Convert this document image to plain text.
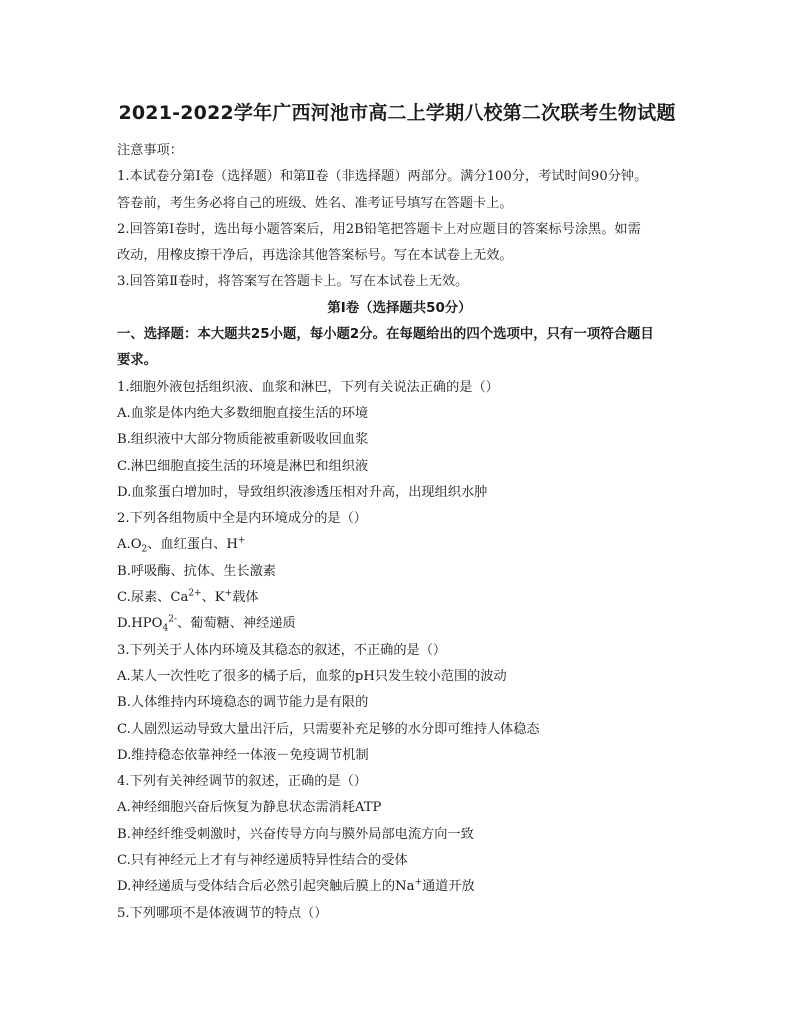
2021-2022学年广西河池市高二上学期八校第二次联考生物试题
注意事项：
1.本试卷分第Ⅰ卷（选择题）和第Ⅱ卷（非选择题）两部分。满分100分，考试时间90分钟。
答卷前，考生务必将自己的班级、姓名、准考证号填写在答题卡上。
2.回答第Ⅰ卷时，选出每小题答案后，用2B铅笔把答题卡上对应题目的答案标号涂黑。如需
改动，用橡皮擦干净后，再选涂其他答案标号。写在本试卷上无效。
3.回答第Ⅱ卷时，将答案写在答题卡上。写在本试卷上无效。
第Ⅰ卷（选择题共50分）
一、选择题：本大题共25小题，每小题2分。在每题给出的四个选项中，只有一项符合题目
要求。
1.细胞外液包括组织液、血浆和淋巴，下列有关说法正确的是（）
A.血浆是体内绝大多数细胞直接生活的环境
B.组织液中大部分物质能被重新吸收回血浆
C.淋巴细胞直接生活的环境是淋巴和组织液
D.血浆蛋白增加时，导致组织液渗透压相对升高，出现组织水肿
2.下列各组物质中全是内环境成分的是（）
$A.O_2$、血红蛋白、H+
B.呼吸酶、抗体、生长激素
C.尿素、$Ca^{2+}$、K+载体
$D.HPO_4^{2-}$、葡萄糖、神经递质
3.下列关于人体内环境及其稳态的叙述，不正确的是（）
A.某人一次性吃了很多的橘子后，血浆的pH只发生较小范围的波动
B.人体维持内环境稳态的调节能力是有限的
C.人剧烈运动导致大量出汗后，只需要补充足够的水分即可维持人体稳态
D.维持稳态依靠神经一体液－免疫调节机制
4.下列有关神经调节的叙述，正确的是（）
A.神经细胞兴奋后恢复为静息状态需消耗ATP
B.神经纤维受刺激时，兴奋传导方向与膜外局部电流方向一致
C.只有神经元上才有与神经递质特异性结合的受体
D.神经递质与受体结合后必然引起突触后膜上的Na+通道开放
5.下列哪项不是体液调节的特点（）
